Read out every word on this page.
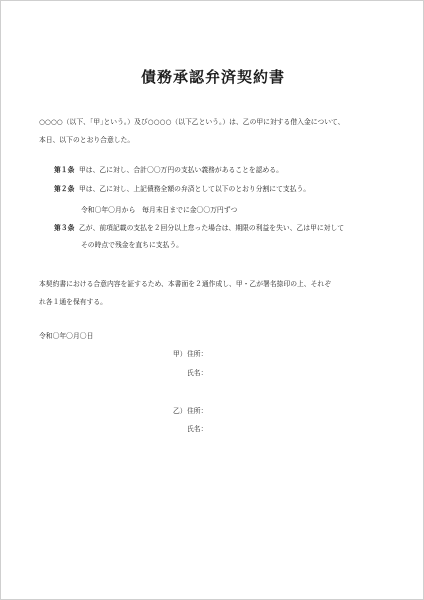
債務承認弁済契約書
○○○○（以下、｢甲｣という。）及び○○○○（以下乙という。）は、乙の甲に対する借入金について、
本日、以下のとおり合意した。
第１条 甲は、乙に対し、合計〇〇万円の支払い義務があることを認める。
第２条 甲は、乙に対し、上記債務全額の弁済として以下のとおり分割にて支払う。
令和〇年〇月から　毎月末日までに金〇〇万円ずつ
第３条 乙が、前項記載の支払を２回分以上怠った場合は、期限の利益を失い、乙は甲に対して
その時点で残金を直ちに支払う。
本契約書における合意内容を証するため、本書面を２通作成し、甲・乙が署名捺印の上、それぞ
れ各１通を保有する。
令和〇年〇月〇日
甲） 住所：
氏名：
乙） 住所：
氏名：
